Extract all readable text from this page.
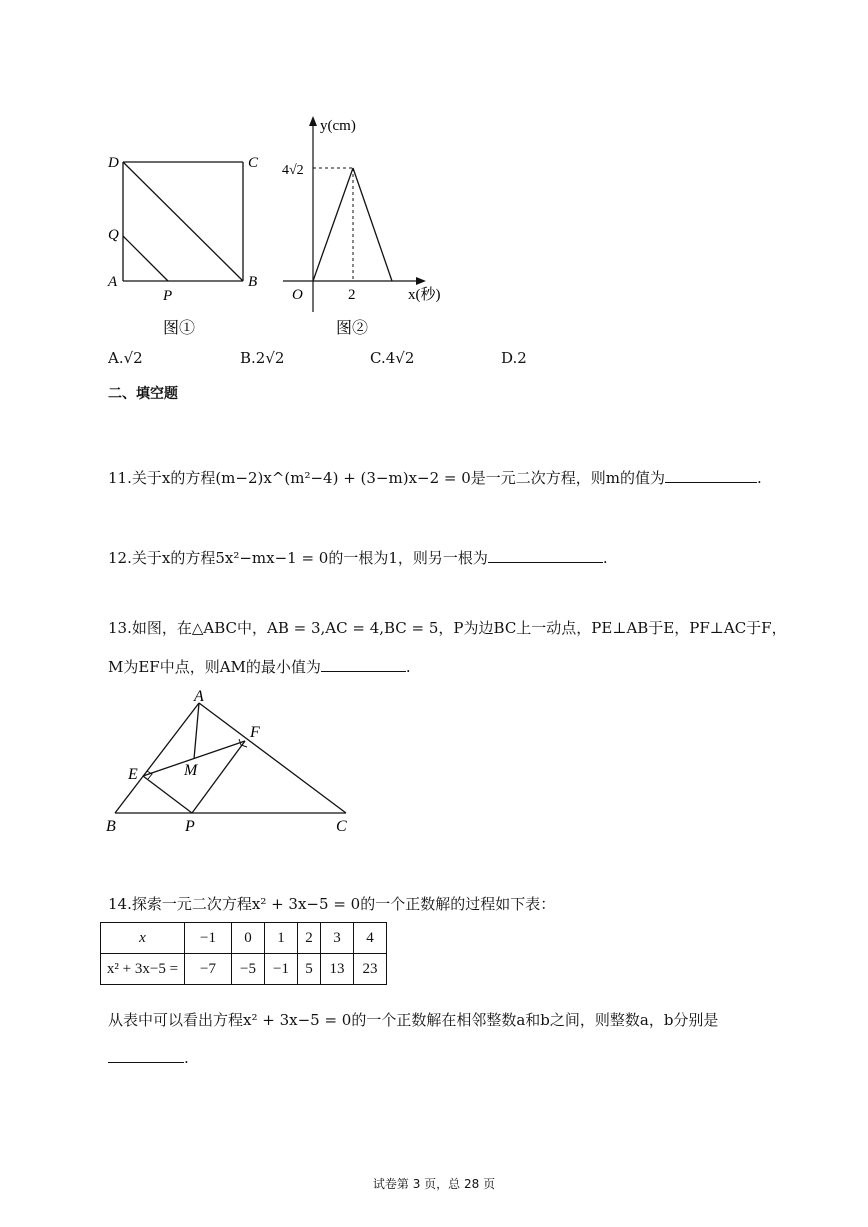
D	C
Q
A	B
P
图①
y(cm)
4√2
O	2	x(秒)
图②
A.√2	B.2√2	C.4√2	D.2
二、填空题
11.关于x的方程(m−2)x^(m²−4) + (3−m)x−2 = 0是一元二次方程，则m的值为	.
12.关于x的方程5x²−mx−1 = 0的一根为1，则另一根为	.
13.如图，在△ABC中，AB = 3,AC = 4,BC = 5，P为边BC上一动点，PE⊥AB于E，PF⊥AC于F，
M为EF中点，则AM的最小值为	.
A
F
E	M
B	P	C
14.探索一元二次方程x² + 3x−5 = 0的一个正数解的过程如下表：
x	−1	0	1	2	3	4
x² + 3x−5 =	−7	−5	−1	5	13	23
从表中可以看出方程x² + 3x−5 = 0的一个正数解在相邻整数a和b之间，则整数a，b分别是
.
试卷第 3 页，总 28 页
